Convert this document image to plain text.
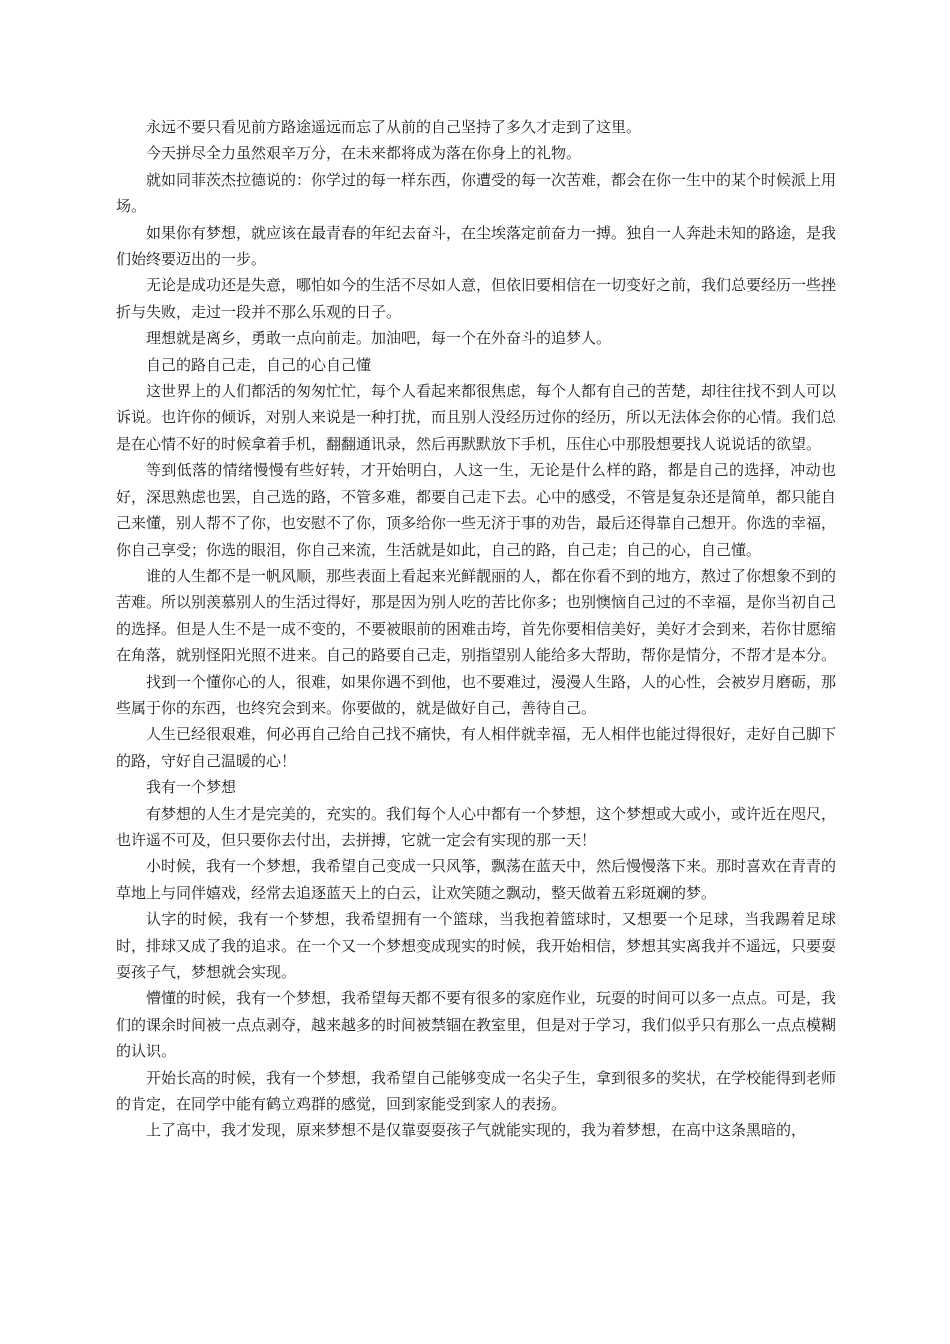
永远不要只看见前方路途遥远而忘了从前的自己坚持了多久才走到了这里。

今天拼尽全力虽然艰辛万分，在未来都将成为落在你身上的礼物。

就如同菲茨杰拉德说的：你学过的每一样东西，你遭受的每一次苦难，都会在你一生中的某个时候派上用场。

如果你有梦想，就应该在最青春的年纪去奋斗，在尘埃落定前奋力一搏。独自一人奔赴未知的路途，是我们始终要迈出的一步。

无论是成功还是失意，哪怕如今的生活不尽如人意，但依旧要相信在一切变好之前，我们总要经历一些挫折与失败，走过一段并不那么乐观的日子。

理想就是离乡，勇敢一点向前走。加油吧，每一个在外奋斗的追梦人。

自己的路自己走，自己的心自己懂

这世界上的人们都活的匆匆忙忙，每个人看起来都很焦虑，每个人都有自己的苦楚，却往往找不到人可以诉说。也许你的倾诉，对别人来说是一种打扰，而且别人没经历过你的经历，所以无法体会你的心情。我们总是在心情不好的时候拿着手机，翻翻通讯录，然后再默默放下手机，压住心中那股想要找人说说话的欲望。

等到低落的情绪慢慢有些好转，才开始明白，人这一生，无论是什么样的路，都是自己的选择，冲动也好，深思熟虑也罢，自己选的路，不管多难，都要自己走下去。心中的感受，不管是复杂还是简单，都只能自己来懂，别人帮不了你，也安慰不了你，顶多给你一些无济于事的劝告，最后还得靠自己想开。你选的幸福，你自己享受；你选的眼泪，你自己来流，生活就是如此，自己的路，自己走；自己的心，自己懂。

谁的人生都不是一帆风顺，那些表面上看起来光鲜靓丽的人，都在你看不到的地方，熬过了你想象不到的苦难。所以别羡慕别人的生活过得好，那是因为别人吃的苦比你多；也别懊恼自己过的不幸福，是你当初自己的选择。但是人生不是一成不变的，不要被眼前的困难击垮，首先你要相信美好，美好才会到来，若你甘愿缩在角落，就别怪阳光照不进来。自己的路要自己走，别指望别人能给多大帮助，帮你是情分，不帮才是本分。

找到一个懂你心的人，很难，如果你遇不到他，也不要难过，漫漫人生路，人的心性，会被岁月磨砺，那些属于你的东西，也终究会到来。你要做的，就是做好自己，善待自己。

人生已经很艰难，何必再自己给自己找不痛快，有人相伴就幸福，无人相伴也能过得很好，走好自己脚下的路，守好自己温暖的心！

我有一个梦想

有梦想的人生才是完美的，充实的。我们每个人心中都有一个梦想，这个梦想或大或小，或许近在咫尺，也许遥不可及，但只要你去付出，去拼搏，它就一定会有实现的那一天！

小时候，我有一个梦想，我希望自己变成一只风筝，飘荡在蓝天中，然后慢慢落下来。那时喜欢在青青的草地上与同伴嬉戏，经常去追逐蓝天上的白云，让欢笑随之飘动，整天做着五彩斑斓的梦。

认字的时候，我有一个梦想，我希望拥有一个篮球，当我抱着篮球时，又想要一个足球，当我踢着足球时，排球又成了我的追求。在一个又一个梦想变成现实的时候，我开始相信，梦想其实离我并不遥远，只要耍耍孩子气，梦想就会实现。

懵懂的时候，我有一个梦想，我希望每天都不要有很多的家庭作业，玩耍的时间可以多一点点。可是，我们的课余时间被一点点剥夺，越来越多的时间被禁锢在教室里，但是对于学习，我们似乎只有那么一点点模糊的认识。

开始长高的时候，我有一个梦想，我希望自己能够变成一名尖子生，拿到很多的奖状，在学校能得到老师的肯定，在同学中能有鹤立鸡群的感觉，回到家能受到家人的表扬。

上了高中，我才发现，原来梦想不是仅靠耍耍孩子气就能实现的，我为着梦想，在高中这条黑暗的，
